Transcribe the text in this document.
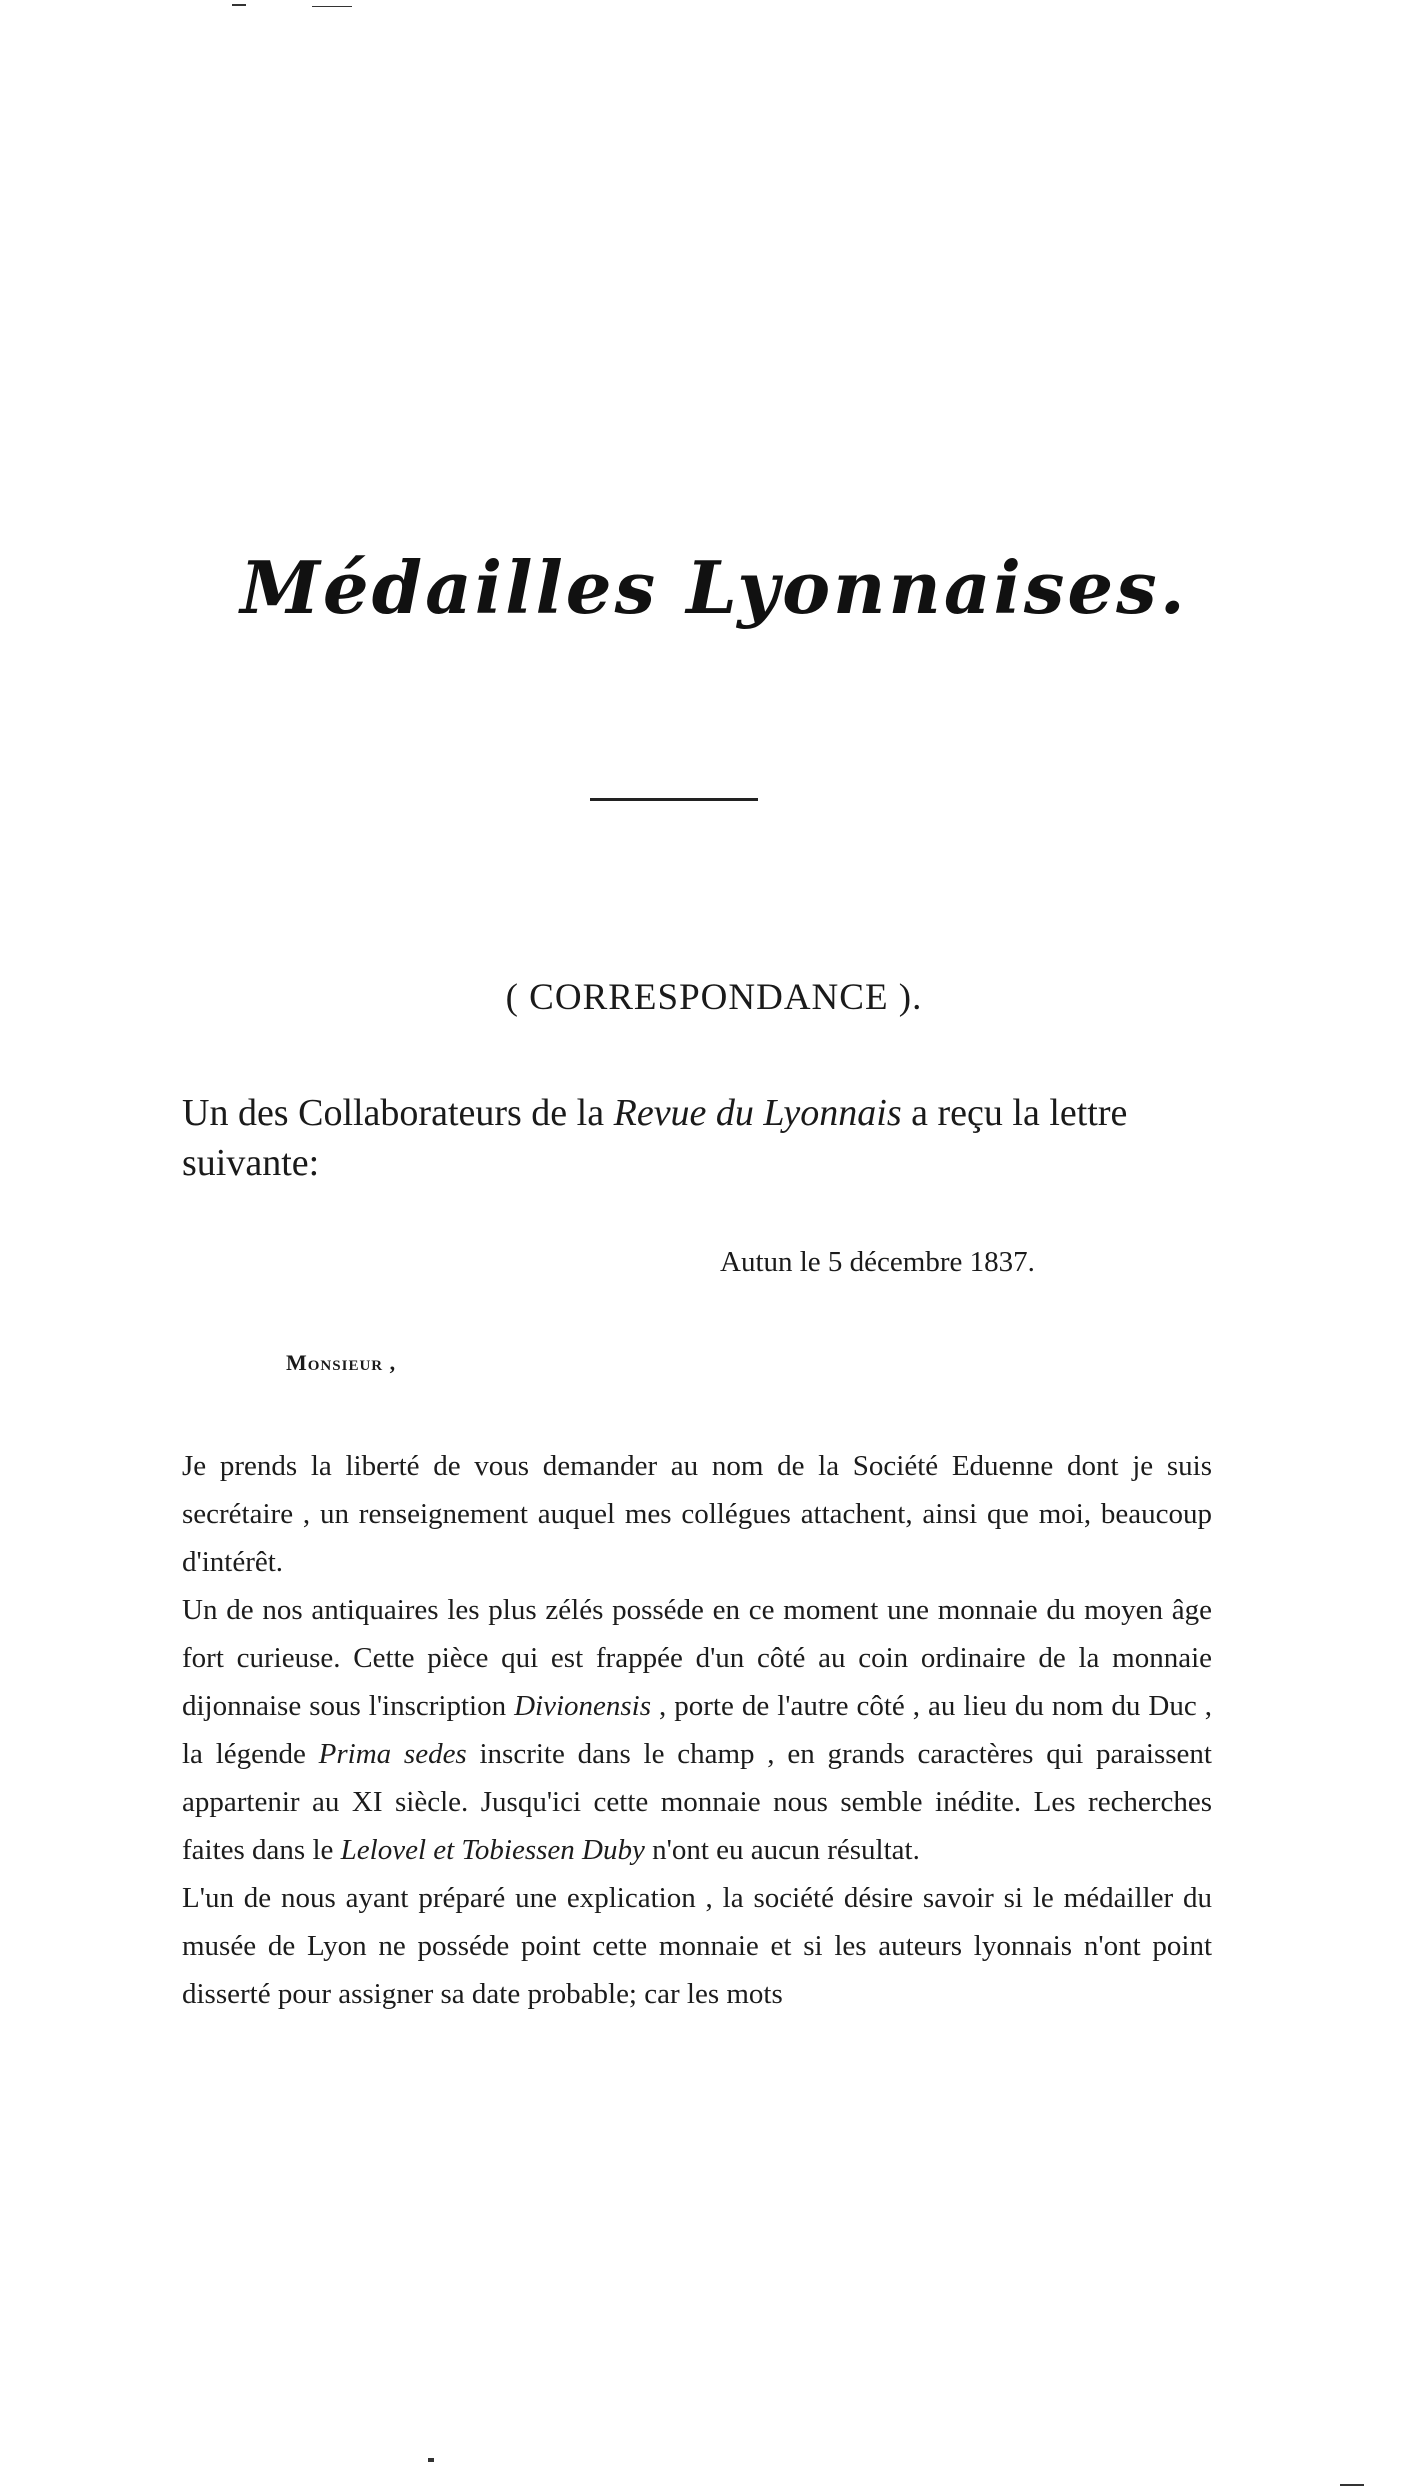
Médailles Lyonnaises.
( CORRESPONDANCE ).
Un des Collaborateurs de la Revue du Lyonnais a reçu la lettre suivante:
Autun le 5 décembre 1837.
Monsieur ,

Je prends la liberté de vous demander au nom de la Société Eduenne dont je suis secrétaire , un renseignement auquel mes collégues attachent, ainsi que moi, beaucoup d'intérêt.

Un de nos antiquaires les plus zélés posséde en ce moment une monnaie du moyen âge fort curieuse. Cette pièce qui est frappée d'un côté au coin ordinaire de la monnaie dijonnaise sous l'inscription Divionensis , porte de l'autre côté , au lieu du nom du Duc , la légende Prima sedes inscrite dans le champ , en grands caractères qui paraissent appartenir au XI siècle. Jusqu'ici cette monnaie nous semble inédite. Les recherches faites dans le Lelovel et Tobiessen Duby n'ont eu aucun résultat.

L'un de nous ayant préparé une explication , la société désire savoir si le médailler du musée de Lyon ne posséde point cette monnaie et si les auteurs lyonnais n'ont point disserté pour assigner sa date probable; car les mots
